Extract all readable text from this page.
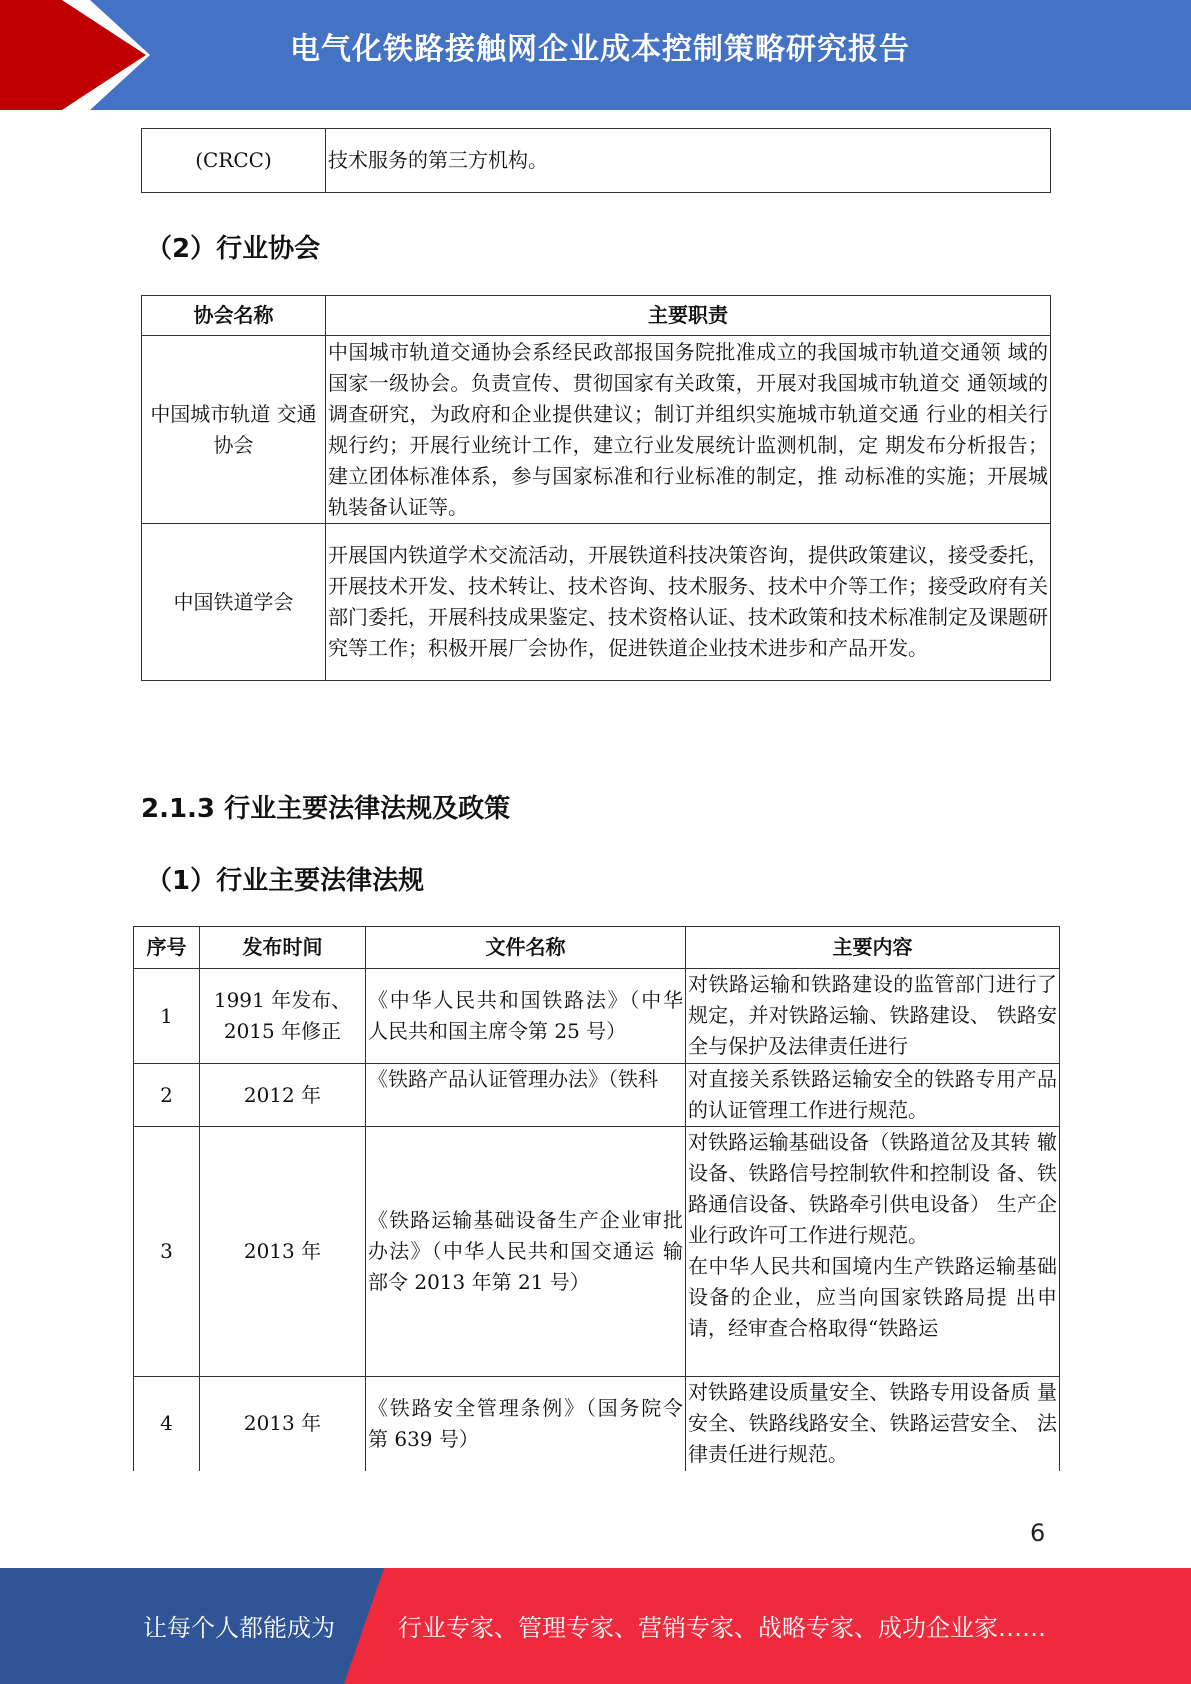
电气化铁路接触网企业成本控制策略研究报告
(CRCC)	技术服务的第三方机构。
（2）行业协会
协会名称	主要职责
中国城市轨道 交通协会	中国城市轨道交通协会系经民政部报国务院批准成立的我国城市轨道交通领 域的国家一级协会。负责宣传、贯彻国家有关政策，开展对我国城市轨道交 通领域的调查研究，为政府和企业提供建议；制订并组织实施城市轨道交通 行业的相关行规行约；开展行业统计工作，建立行业发展统计监测机制，定 期发布分析报告；建立团体标准体系，参与国家标准和行业标准的制定，推 动标准的实施；开展城轨装备认证等。
中国铁道学会	开展国内铁道学术交流活动，开展铁道科技决策咨询，提供政策建议，接受委托，开展技术开发、技术转让、技术咨询、技术服务、技术中介等工作；接受政府有关部门委托，开展科技成果鉴定、技术资格认证、技术政策和技术标准制定及课题研究等工作；积极开展厂会协作，促进铁道企业技术进步和产品开发。
2.1.3 行业主要法律法规及政策
（1）行业主要法律法规
序号	发布时间	文件名称	主要内容
1	1991 年发布、2015 年修正	《中华人民共和国铁路法》（中华 人民共和国主席令第 25 号）	对铁路运输和铁路建设的监管部门进行了规定，并对铁路运输、铁路建设、 铁路安全与保护及法律责任进行

2	2012 年	《铁路产品认证管理办法》（铁科	对直接关系铁路运输安全的铁路专用产品的认证管理工作进行规范。
3	2013 年	《铁路运输基础设备生产企业审批办法》（中华人民共和国交通运 输部令 2013 年第 21 号）	对铁路运输基础设备（铁路道岔及其转 辙设备、铁路信号控制软件和控制设 备、铁路通信设备、铁路牵引供电设备） 生产企业行政许可工作进行规范。
在中华人民共和国境内生产铁路运输基础设备的企业，应当向国家铁路局提 出申请，经审查合格取得“铁路运

4	2013 年	《铁路安全管理条例》（国务院令 第 639 号）	对铁路建设质量安全、铁路专用设备质 量安全、铁路线路安全、铁路运营安全、 法律责任进行规范。
6
让每个人都能成为	行业专家、管理专家、营销专家、战略专家、成功企业家……
